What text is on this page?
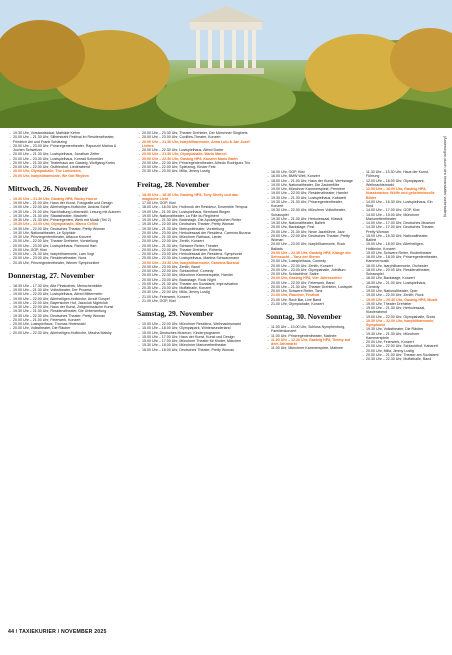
→ 19.30 Uhr, Vorstandslokal, Mathilde Kehm

→ 20.00 Uhr – 21.30 Uhr, Silberstrahl Festival im Residenztheater, Friedrich Ani und Frank Schätzing

→ 20.00 Uhr – 23.00 Uhr, Prinzregententheater, Rapunzel Marina & Jochen Schweizer

→ 20.00 Uhr – 21.30 Uhr, Lustspielhaus, Jonathan Zelter

→ 20.00 Uhr – 23.30 Uhr, Lustspielhaus, Konrad Schneider

→ 20.00 Uhr – 21.30 Uhr, Teaterhaus am Gasteig, Wolfgang Krebs

→ 20.00 Uhr – 22.00 Uhr, Ostfriedhof, Liederabend

→ 20.00 Uhr, Olympiahalle, The Lumineers

→ 20.00 Uhr, Isarphilharmonie, We Got Rhythm

Mittwoch, 26. November

→ 19.30 Uhr – 21.30 Uhr, Gasteig HP8, Rocky Horror

→ 19.00 Uhr – 21.00 Uhr, Haus der Kunst, Fotografie und Design

→ 19.00 Uhr – 22.00 Uhr, Allerheiligen-Hofkirche, Andras Schiff

→ 19.30 Uhr – 21.00 Uhr, Nachhaltung Lebensstil, Lesung mit Autoren

→ 19.30 Uhr – 21.30 Uhr, Staatstheater, Macbeth

→ 19.30 Uhr – 21.30 Uhr, Prinzregenten, Werk mit Musik (Teil 2)

→ 19.30 Uhr – 22.00 Uhr, Olympiahalle, Marco Cellini

→ 19.30 Uhr – 22.00 Uhr, Deutsches Theater, Pretty Woman

→ 19.30 Uhr, Nationaltheater, Le Sylphide

→ 19.30 Uhr, Prinzregententheater, Attacca Konzert

→ 20.00 Uhr – 22.00 Uhr, Theater Drehleier, Vorstellung

→ 20.00 Uhr – 23.00 Uhr, Lustspielhaus, Raimund Hart

→ 20.00 Uhr, GOP, Kiwi

→ 20.00 Uhr – 21.30 Uhr, Isarphilharmonie, Lars Vogt

→ 20.00 Uhr – 23.00 Uhr, Residenztheater, Nora

→ 20.30 Uhr, Prinzregententheater, Wiener Symphoniker

Donnerstag, 27. November

→ 18.30 Uhr – 17.30 Uhr, Alte Pinakothek, Menschenbilder

→ 19.00 Uhr – 21.30 Uhr, Volkstheater, Der Prozess

→ 19.00 Uhr – 22.00 Uhr, Lustspielhaus, Alfred Mittermeier

→ 19.00 Uhr – 22.00 Uhr, Allerheiligen-Hofkirche, Arnulf Gospel

→ 19.00 Uhr – 22.00 Uhr, Bayerischer Hof, Jazzclub Nightclub

→ 19.30 Uhr – 22.00 Uhr, Haus der Kunst, Zeitgenössische Kunst

→ 19.30 Uhr – 21.30 Uhr, Residenztheater, Die Unterwerfung

→ 19.30 Uhr – 22.30 Uhr, Deutsches Theater, Pretty Woman

→ 20.00 Uhr – 21.00 Uhr, Feierwerk, Konzert

→ 20.00 Uhr, Lustspielhaus, Thomas Hinterwald

→ 20.00 Uhr, Volkstheater, Die Räuber

→ 20.00 Uhr – 22.30 Uhr, Allerheiligen-Hofkirche, Mischa Maisky

→ 20.00 Uhr – 23.30 Uhr, Theater Drehleier, Der Münchner Singkreis

→ 20.00 Uhr – 23.00 Uhr, Cuvilliés-Theater, Konzert

→ 20.00 Uhr – 21.30 Uhr, Isarphilharmonie, Anna Lulu & Jan Josef Liefers

→ 20.00 Uhr – 22.30 Uhr, Lustspielhaus, Alfred Dorfer

→ 20.00 Uhr – 21.30 Uhr, Olympiahalle, Mario Marcel

→ 20.00 Uhr – 22.30 Uhr, Gasteig HP8, Konzert Mario Barth

→ 20.00 Uhr – 22.30 Uhr, Prinzregententheater, Alfredo Rodriguez Trio

→ 20.00 Uhr – 22.00 Uhr, Spielzeug, Kinder Fest

→ 20.30 Uhr – 23.00 Uhr, Milla, Jimmy Lustig

Freitag, 28. November

→ 18.30 Uhr – 18.30 Uhr, Gasteig HP8, Tony Shelly und das magische Licht

→ 17.00 Uhr, GOP, Kiwi

→ 18.00 Uhr – 18.00 Uhr, Holbrook der Residenz, Ensemble Tempus

→ 19.00 Uhr – 21.00 Uhr, Lustspielhaus, Bernhard Bingen

→ 19.00 Uhr, Nationaltheater, La Fille du Regiment

→ 19.30 Uhr – 21.30 Uhr, Backstage, Die Apokalyptischen Reiter

→ 19.30 Uhr – 22.00 Uhr, Deutsches Theater, Pretty Woman

→ 19.30 Uhr – 21.30 Uhr, Metropoltheater, Vorstellung

→ 20.00 Uhr – 23.00 Uhr, Herkulessaal der Residenz, Carmina Burana

→ 20.00 Uhr – 21.30 Uhr, Münchner Rathaus, Lieder

→ 20.00 Uhr – 22.00 Uhr, Zenith, Konzert

→ 20.00 Uhr – 21.30 Uhr, Schwere Reiter, Theater

→ 20.00 Uhr – 22.00 Uhr, Theater Drehleier, Roberta

→ 20.00 Uhr – 23.00 Uhr, Herkulessaal der Residenz, Symphonie

→ 20.00 Uhr – 22.30 Uhr, Lustspielhaus, Martina Schwarzmann

→ 20.00 Uhr – 23.30 Uhr, Isarphilharmonie, Carmina Burana

→ 20.00 Uhr – 23.00 Uhr, Zenith, Band

→ 20.00 Uhr – 22.00 Uhr, Schlachthof, Comedy

→ 20.00 Uhr – 22.30 Uhr, Münchner Kammerspiele, Hamlet

→ 20.00 Uhr – 23.00 Uhr, Backstage, Rock Night

→ 20.00 Uhr – 21.30 Uhr, Theater am Sozialamt, Improvisation

→ 20.30 Uhr – 23.00 Uhr, Muffathalle, Konzert

→ 20.30 Uhr – 22.00 Uhr, Milla, Jimmy Lustig

→ 21.00 Uhr, Feierwerk, Konzert

→ 21.00 Uhr, GOP, Kiwi

Samstag, 29. November

→ 10.00 Uhr – 22.00 Uhr, Münchner Residenz, Weihnachtsmarkt

→ 15.00 Uhr – 18.00 Uhr, Olympiapark, Winterwunderland

→ 15.00 Uhr, Deutsches Museum, Kinderprogramm

→ 15.00 Uhr – 17.00 Uhr, Haus der Kunst, Kunst und Design

→ 15.00 Uhr – 17.00 Uhr, Münchner Theater für Kinder, Märchen

→ 15.30 Uhr – 18.00 Uhr, Münchner Marionettentheater

→ 16.00 Uhr – 18.00 Uhr, Deutsches Theater, Pretty Woman

→ 16.00 Uhr, GOP, Kiwi

→ 16.00 Uhr, BMW Welt, Konzert

→ 18.00 Uhr – 21.00 Uhr, Haus der Kunst, Vernissage

→ 19.00 Uhr, Nationaltheater, Die Zauberflöte

→ 19.00 Uhr, Münchner Kammerspiele, Premiere

→ 19.00 Uhr – 22.00 Uhr, Residenztheater, Hamlet

→ 19.30 Uhr – 21.30 Uhr, Lustspielhaus, Kabarett

→ 19.30 Uhr – 21.30 Uhr, Prinzregententheater, Konzert

→ 19.30 Uhr – 22.00 Uhr, Münchner Volkstheater, Schauspiel

→ 19.30 Uhr – 21.30 Uhr, Herkulessaal, Klassik

→ 19.30 Uhr, Nationaltheater, Ballett

→ 20.00 Uhr, Backstage, Fest

→ 20.00 Uhr – 21.30 Uhr, Neue Jazzbühne, Jazz

→ 20.00 Uhr – 22.00 Uhr, Deutsches Theater, Pretty Woman

→ 20.00 Uhr – 23.00 Uhr, Isarphilharmonie, Rock Ballads

→ 20.00 Uhr – 22.30 Uhr, Gasteig HP8, Klänge der Sehnsucht – Tanz der Sterne

→ 20.00 Uhr, Lustspielhaus, Comedy

→ 20.00 Uhr – 22.00 Uhr, Zenith, Konzert

→ 20.00 Uhr – 23.00 Uhr, Olympiahalle, Jubiläum

→ 20.00 Uhr, Schlachthof, Satire

→ 20.00 Uhr, Gasteig HP8, Vier Jahreszeiten

→ 20.00 Uhr – 22.00 Uhr, Feierwerk, Band

→ 20.00 Uhr – 21.30 Uhr, Theater Drehleier, Lustspiel

→ 20.00 Uhr, Schwere Reiter, Tanz

→ 21.00 Uhr, Flaucher, Festival

→ 21.00 Uhr, Rock Bar, Live Band

→ 21.00 Uhr, Olympiahalle, Konzert

Sonntag, 30. November

→ 11.00 Uhr – 13.00 Uhr, Schloss Nymphenburg, Familienkonzert

→ 11.00 Uhr, Prinzregententheater, Matinée

→ 11.00 Uhr – 12.30 Uhr, Gasteig HP8, Timmy auf dem Jahrmarkt

→ 11.00 Uhr, Münchner Kammerspiele, Matinée

→ 11.30 Uhr – 13.30 Uhr, Haus der Kunst, Führung

→ 12.00 Uhr – 16.00 Uhr, Olympiapark, Weihnachtsmarkt

→ 12.00 Uhr – 16.00 Uhr, Gasteig HP8, Nussknacker, Wölfe und geheimnisvolle Bilder

→ 14.00 Uhr – 16.30 Uhr, Lustspielhaus, Ein Kind

→ 14.00 Uhr – 17.00 Uhr, GOP, Kiwi

→ 14.00 Uhr – 15.00 Uhr, Münchner Marionettentheater

→ 14.00 Uhr – 17.00 Uhr, Deutsches Museum

→ 14.30 Uhr – 17.00 Uhr, Deutsches Theater, Pretty Woman

→ 15.00 Uhr – 16.30 Uhr, Nationaltheater, Ballett

→ 15.00 Uhr – 18.00 Uhr, Allerheiligen-Hofkirche, Konzert

→ 15.00 Uhr, Schwere Reiter, Kindertheater

→ 16.00 Uhr – 18.00 Uhr, Prinzregententheater, Kammermusik

→ 16.00 Uhr, Isarphilharmonie, Orchester

→ 18.00 Uhr – 20.00 Uhr, Residenztheater, Schauspiel

→ 18.00 Uhr, Backstage, Konzert

→ 18.30 Uhr – 21.00 Uhr, Lustspielhaus, Comedy

→ 19.00 Uhr, Nationaltheater, Oper

→ 19.00 Uhr – 22.00 Uhr, Zenith, Rock

→ 19.00 Uhr – 20.30 Uhr, Gasteig HP8, Musik

→ 19.00 Uhr, Theater Drehleier

→ 19.00 Uhr – 21.30 Uhr, Herkulessaal, Klavierabend

→ 19.00 Uhr – 22.00 Uhr, Olympiahalle, Show

→ 19.30 Uhr – 22.00 Uhr, Isarphilharmonie, Symphonie

→ 19.30 Uhr, Volkstheater, Die Räuber

→ 19.30 Uhr – 21.30 Uhr, Münchner Kammerspiele

→ 20.00 Uhr, Feierwerk, Konzert

→ 20.00 Uhr – 22.00 Uhr, Schlachthof, Kabarett

→ 20.00 Uhr, Milla, Jimmy Lustig

→ 20.00 Uhr – 21.00 Uhr, Theater am Sozialamt

→ 20.30 Uhr – 22.30 Uhr, Muffathalle, Band

(Änderungen durch den Veranstalter vorbehalten)
44 / TAXIEKURIER / NOVEMBER 2025
